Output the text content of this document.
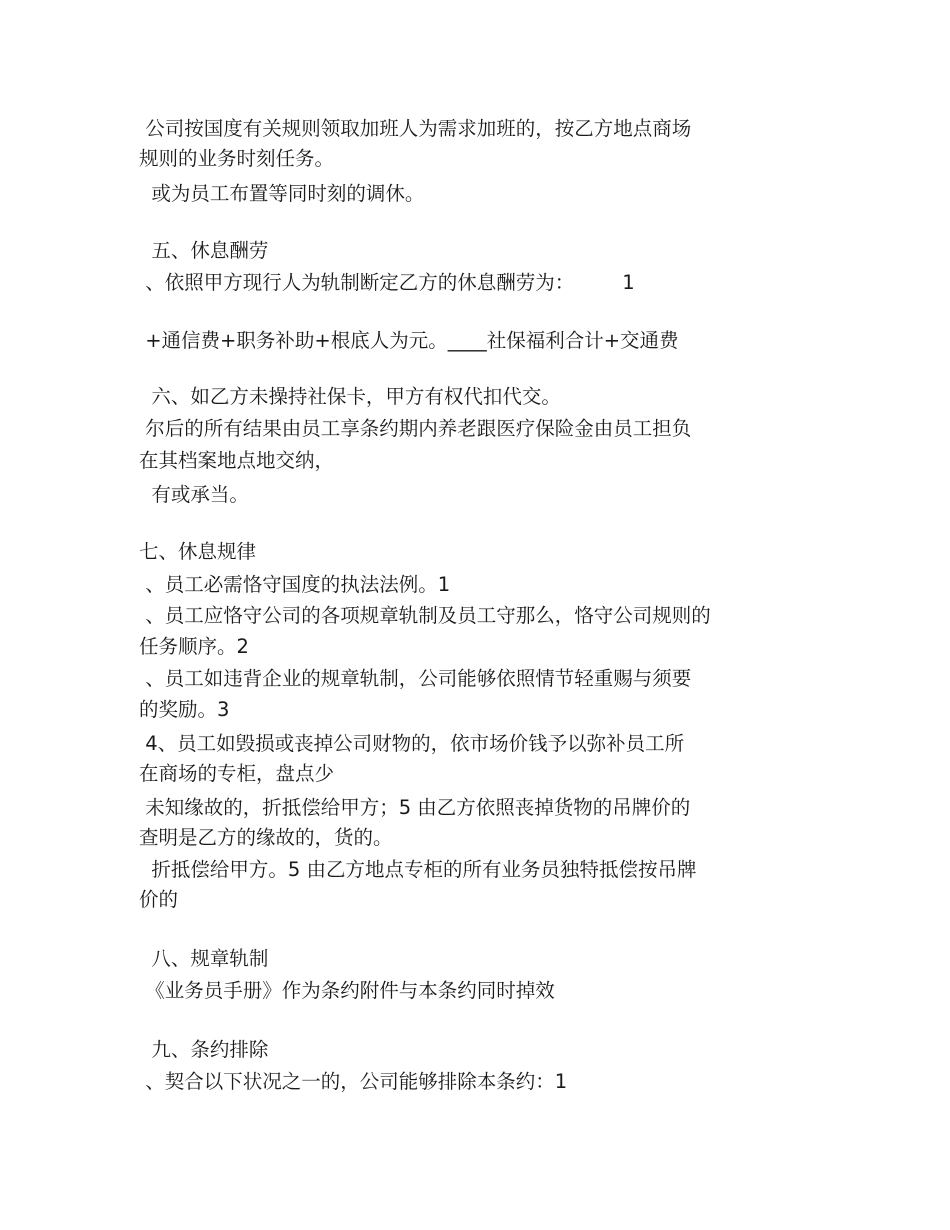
公司按国度有关规则领取加班人为需求加班的，按乙方地点商场
规则的业务时刻任务。
或为员工布置等同时刻的调休。
五、休息酬劳
、依照甲方现行人为轨制断定乙方的休息酬劳为： 1
+通信费+职务补助+根底人为元。____社保福利合计+交通费
六、如乙方未操持社保卡，甲方有权代扣代交。
尔后的所有结果由员工享条约期内养老跟医疗保险金由员工担负
在其档案地点地交纳，
有或承当。
七、休息规律
、员工必需恪守国度的执法法例。1
、员工应恪守公司的各项规章轨制及员工守那么，恪守公司规则的
任务顺序。2
、员工如违背企业的规章轨制，公司能够依照情节轻重赐与须要
的奖励。3
4、员工如毁损或丧掉公司财物的，依市场价钱予以弥补员工所
在商场的专柜，盘点少
未知缘故的，折抵偿给甲方；5 由乙方依照丧掉货物的吊牌价的
查明是乙方的缘故的，货的。
折抵偿给甲方。5 由乙方地点专柜的所有业务员独特抵偿按吊牌
价的
八、规章轨制
《业务员手册》作为条约附件与本条约同时掉效
九、条约排除
、契合以下状况之一的，公司能够排除本条约：1
